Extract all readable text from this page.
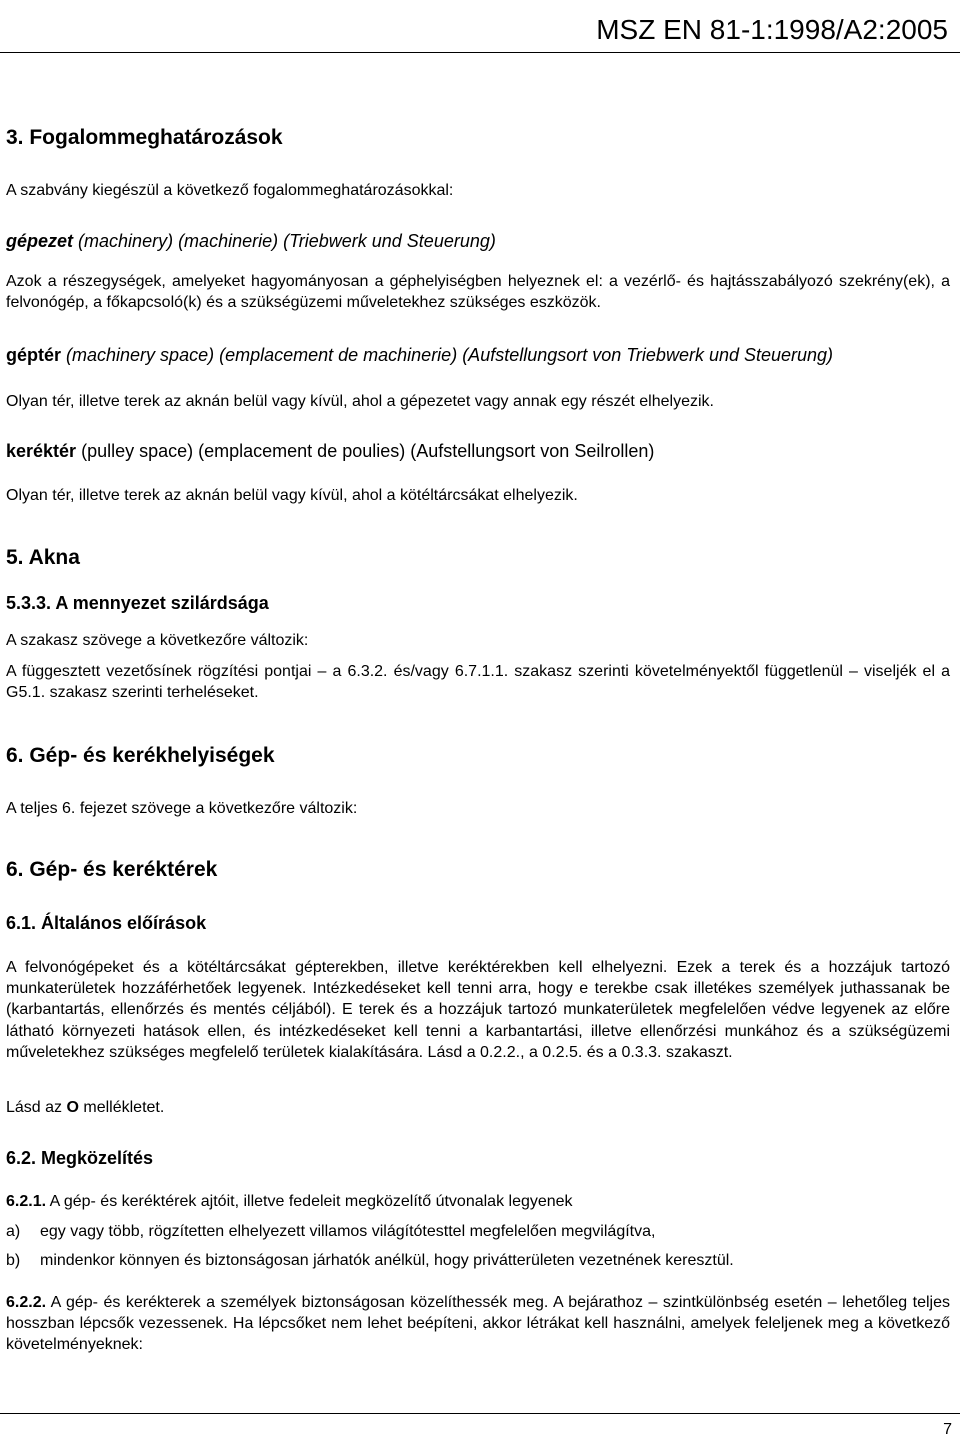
MSZ EN 81-1:1998/A2:2005
3. Fogalommeghatározások
A szabvány kiegészül a következő fogalommeghatározásokkal:
gépezet (machinery) (machinerie) (Triebwerk und Steuerung)
Azok a részegységek, amelyeket hagyományosan a géphelyiségben helyeznek el: a vezérlő- és hajtásszabályozó szekrény(ek), a felvonógép, a főkapcsoló(k) és a szükségüzemi műveletekhez szükséges eszközök.
géptér (machinery space) (emplacement de machinerie) (Aufstellungsort von Triebwerk und Steuerung)
Olyan tér, illetve terek az aknán belül vagy kívül, ahol a gépezetet vagy annak egy részét elhelyezik.
keréktér (pulley space) (emplacement de poulies) (Aufstellungsort von Seilrollen)
Olyan tér, illetve terek az aknán belül vagy kívül, ahol a kötéltárcsákat elhelyezik.
5. Akna
5.3.3. A mennyezet szilárdsága
A szakasz szövege a következőre változik:
A függesztett vezetősínek rögzítési pontjai – a 6.3.2. és/vagy 6.7.1.1. szakasz szerinti követelményektől függetlenül – viseljék el a G5.1. szakasz szerinti terheléseket.
6. Gép- és kerékhelyiségek
A teljes 6. fejezet szövege a következőre változik:
6. Gép- és keréktérek
6.1. Általános előírások
A felvonógépeket és a kötéltárcsákat gépterekben, illetve keréktérekben kell elhelyezni. Ezek a terek és a hozzájuk tartozó munkaterületek hozzáférhetőek legyenek. Intézkedéseket kell tenni arra, hogy e terekbe csak illetékes személyek juthassanak be (karbantartás, ellenőrzés és mentés céljából). E terek és a hozzájuk tartozó munkaterületek megfelelően védve legyenek az előre látható környezeti hatások ellen, és intézkedéseket kell tenni a karbantartási, illetve ellenőrzési munkához és a szükségüzemi műveletekhez szükséges megfelelő területek kialakítására. Lásd a 0.2.2., a 0.2.5. és a 0.3.3. szakaszt.
Lásd az O mellékletet.
6.2. Megközelítés
6.2.1. A gép- és keréktérek ajtóit, illetve fedeleit megközelítő útvonalak legyenek
a) egy vagy több, rögzítetten elhelyezett villamos világítótesttel megfelelően megvilágítva,
b) mindenkor könnyen és biztonságosan járhatók anélkül, hogy privátterületen vezetnének keresztül.
6.2.2. A gép- és kerékterek a személyek biztonságosan közelíthessék meg. A bejárathoz – szintkülönbség esetén – lehetőleg teljes hosszban lépcsők vezessenek. Ha lépcsőket nem lehet beépíteni, akkor létrákat kell használni, amelyek feleljenek meg a következő követelményeknek:
7
